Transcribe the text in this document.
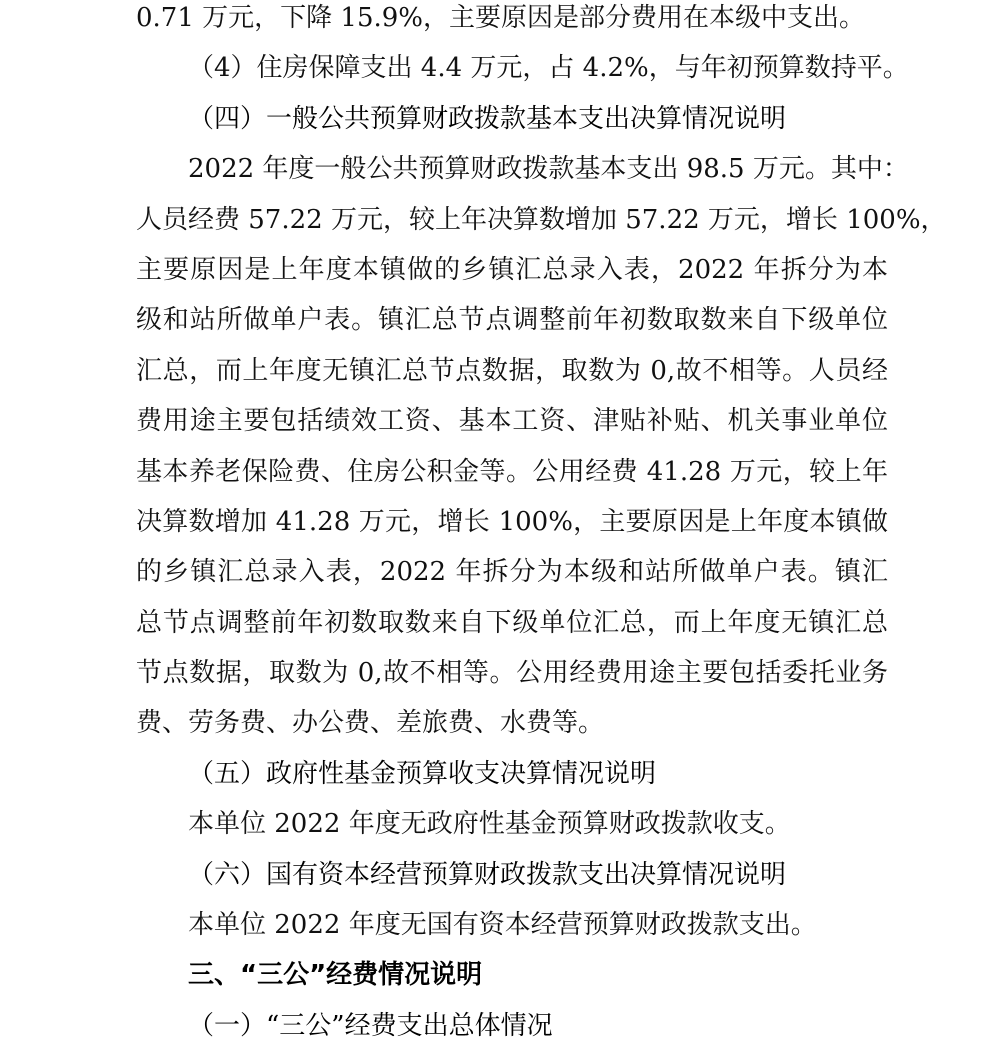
0.71 万元，下降 15.9%，主要原因是部分费用在本级中支出。
（4）住房保障支出 4.4 万元，占 4.2%，与年初预算数持平。
（四）一般公共预算财政拨款基本支出决算情况说明
2022 年度一般公共预算财政拨款基本支出 98.5 万元。其中：
人员经费 57.22 万元，较上年决算数增加 57.22 万元，增长 100%，
主要原因是上年度本镇做的乡镇汇总录入表，2022 年拆分为本
级和站所做单户表。镇汇总节点调整前年初数取数来自下级单位
汇总，而上年度无镇汇总节点数据，取数为 0,故不相等。人员经
费用途主要包括绩效工资、基本工资、津贴补贴、机关事业单位
基本养老保险费、住房公积金等。公用经费 41.28 万元，较上年
决算数增加 41.28 万元，增长 100%，主要原因是上年度本镇做
的乡镇汇总录入表，2022 年拆分为本级和站所做单户表。镇汇
总节点调整前年初数取数来自下级单位汇总，而上年度无镇汇总
节点数据，取数为 0,故不相等。公用经费用途主要包括委托业务
费、劳务费、办公费、差旅费、水费等。
（五）政府性基金预算收支决算情况说明
本单位 2022 年度无政府性基金预算财政拨款收支。
（六）国有资本经营预算财政拨款支出决算情况说明
本单位 2022 年度无国有资本经营预算财政拨款支出。
三、“三公”经费情况说明
（一）“三公”经费支出总体情况
